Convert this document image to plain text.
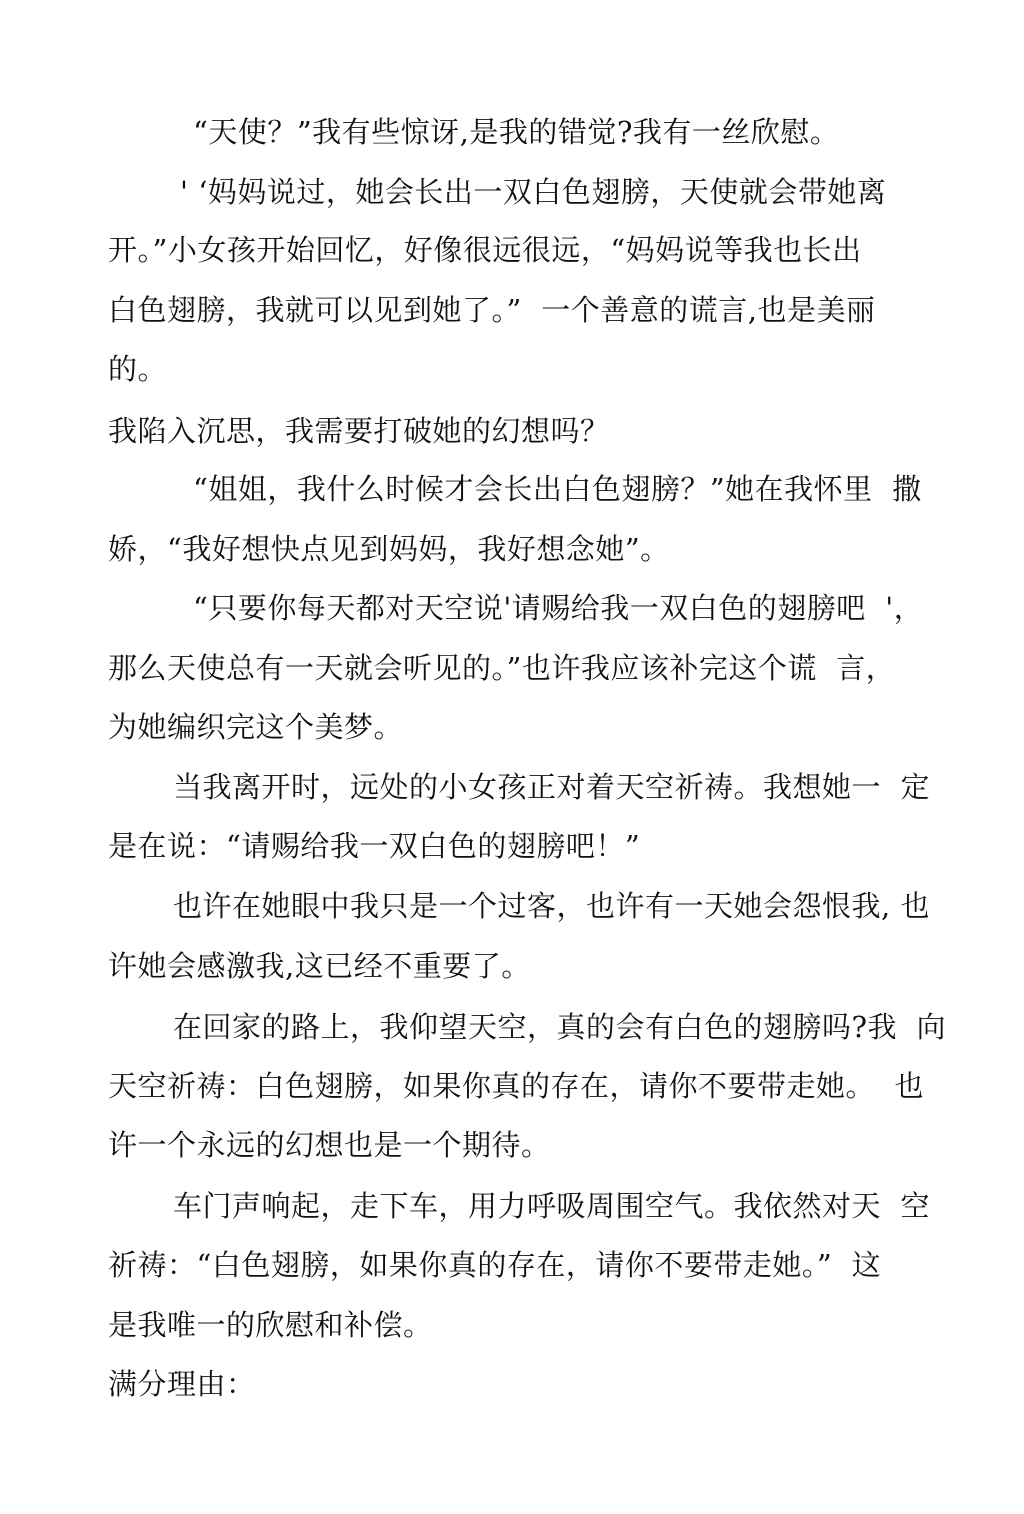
“天使？”我有些惊讶,是我的错觉?我有一丝欣慰。
' ‘妈妈说过，她会长出一双白色翅膀，天使就会带她离
开。”小女孩开始回忆，好像很远很远，“妈妈说等我也长出
白色翅膀，我就可以见到她了。”  一个善意的谎言,也是美丽
的。
我陷入沉思，我需要打破她的幻想吗？
“姐姐，我什么时候才会长出白色翅膀？”她在我怀里  撒
娇，“我好想快点见到妈妈，我好想念她”。
“只要你每天都对天空说'请赐给我一双白色的翅膀吧  '，
那么天使总有一天就会听见的。”也许我应该补完这个谎  言，
为她编织完这个美梦。
当我离开时，远处的小女孩正对着天空祈祷。我想她一  定
是在说：“请赐给我一双白色的翅膀吧！”
也许在她眼中我只是一个过客，也许有一天她会怨恨我, 也
许她会感激我,这已经不重要了。
在回家的路上，我仰望天空，真的会有白色的翅膀吗?我  向
天空祈祷：白色翅膀，如果你真的存在，请你不要带走她。  也
许一个永远的幻想也是一个期待。
车门声响起，走下车，用力呼吸周围空气。我依然对天  空
祈祷：“白色翅膀，如果你真的存在，请你不要带走她。”  这
是我唯一的欣慰和补偿。
满分理由：
